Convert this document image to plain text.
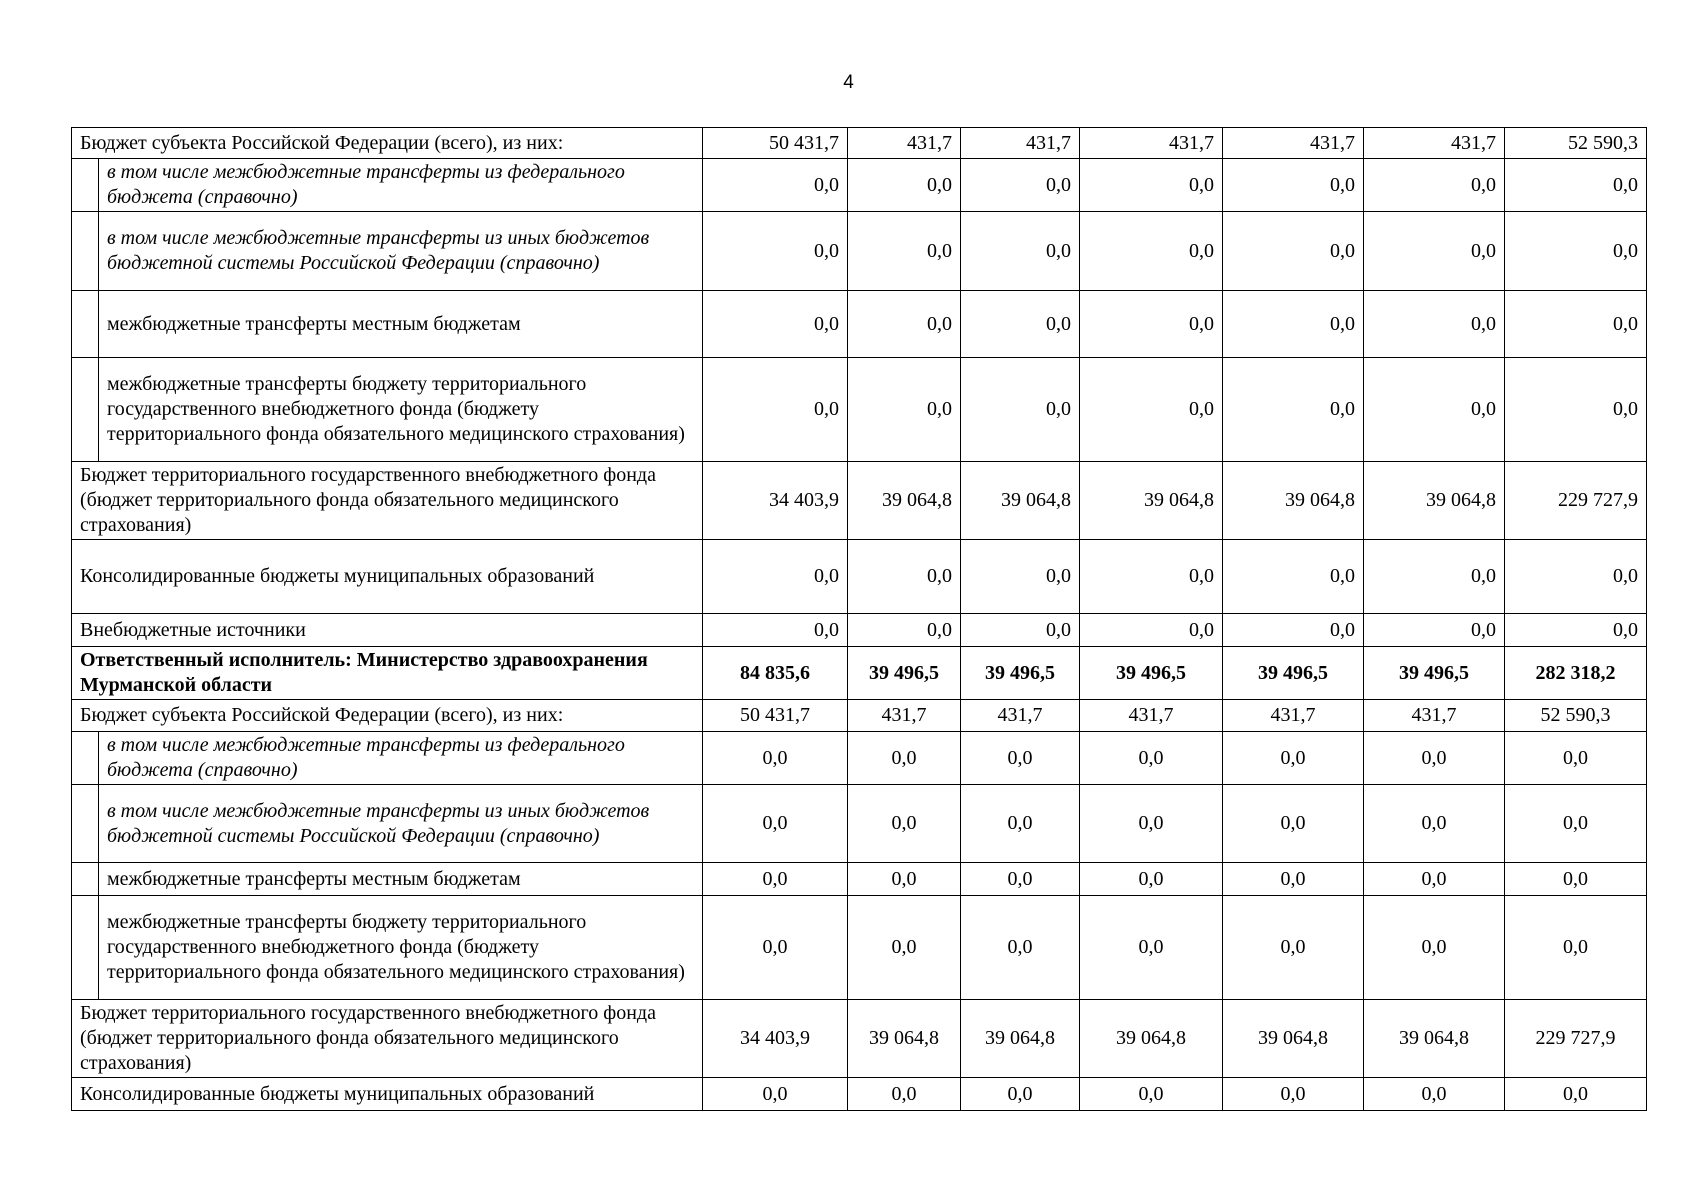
4
Бюджет субъекта Российской Федерации (всего), из них:		50 431,7	431,7	431,7	431,7	431,7	431,7	52 590,3
	в том числе межбюджетные трансферты из федерального бюджета (справочно)	0,0	0,0	0,0	0,0	0,0	0,0	0,0
	в том числе межбюджетные трансферты из иных бюджетов бюджетной системы Российской Федерации (справочно)	0,0	0,0	0,0	0,0	0,0	0,0	0,0
	межбюджетные трансферты местным бюджетам	0,0	0,0	0,0	0,0	0,0	0,0	0,0
	межбюджетные трансферты бюджету территориального государственного внебюджетного фонда (бюджету территориального фонда обязательного медицинского страхования)	0,0	0,0	0,0	0,0	0,0	0,0	0,0
Бюджет территориального государственного внебюджетного фонда (бюджет территориального фонда обязательного медицинского страхования)		34 403,9	39 064,8	39 064,8	39 064,8	39 064,8	39 064,8	229 727,9
Консолидированные бюджеты муниципальных образований		0,0	0,0	0,0	0,0	0,0	0,0	0,0
Внебюджетные источники		0,0	0,0	0,0	0,0	0,0	0,0	0,0
Ответственный исполнитель: Министерство здравоохранения Мурманской области		84 835,6	39 496,5	39 496,5	39 496,5	39 496,5	39 496,5	282 318,2
Бюджет субъекта Российской Федерации (всего), из них:		50 431,7	431,7	431,7	431,7	431,7	431,7	52 590,3
	в том числе межбюджетные трансферты из федерального бюджета (справочно)	0,0	0,0	0,0	0,0	0,0	0,0	0,0
	в том числе межбюджетные трансферты из иных бюджетов бюджетной системы Российской Федерации (справочно)	0,0	0,0	0,0	0,0	0,0	0,0	0,0
	межбюджетные трансферты местным бюджетам	0,0	0,0	0,0	0,0	0,0	0,0	0,0
	межбюджетные трансферты бюджету территориального государственного внебюджетного фонда (бюджету территориального фонда обязательного медицинского страхования)	0,0	0,0	0,0	0,0	0,0	0,0	0,0
Бюджет территориального государственного внебюджетного фонда (бюджет территориального фонда обязательного медицинского страхования)		34 403,9	39 064,8	39 064,8	39 064,8	39 064,8	39 064,8	229 727,9
Консолидированные бюджеты муниципальных образований		0,0	0,0	0,0	0,0	0,0	0,0	0,0
